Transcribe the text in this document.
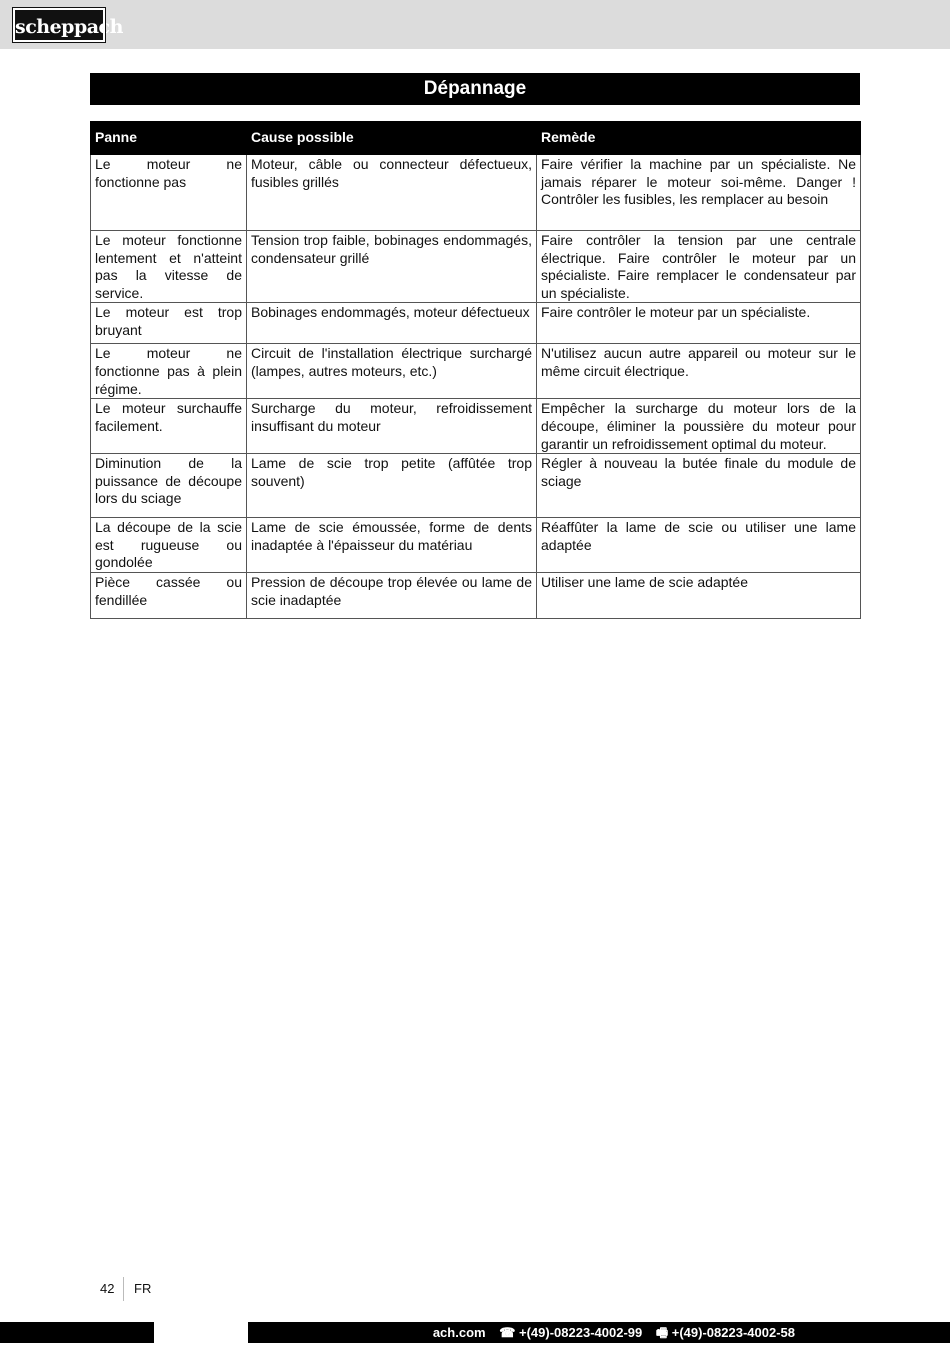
scheppach
Dépannage
Panne	Cause possible	Remède
Le moteur ne fonctionne pas	Moteur, câble ou connecteur défectueux, fusibles grillés	Faire vérifier la machine par un spécialiste. Ne jamais réparer le moteur soi-même. Danger ! Contrôler les fusibles, les remplacer au besoin
Le moteur fonctionne lentement et n'atteint pas la vitesse de service.	Tension trop faible, bobinages endommagés, condensateur grillé	Faire contrôler la tension par une centrale électrique. Faire contrôler le moteur par un spécialiste. Faire remplacer le condensateur par un spécialiste.
Le moteur est trop bruyant	Bobinages endommagés, moteur défectueux	Faire contrôler le moteur par un spécialiste.
Le moteur ne fonctionne pas à plein régime.	Circuit de l'installation électrique surchargé (lampes, autres moteurs, etc.)	N'utilisez aucun autre appareil ou moteur sur le même circuit électrique.
Le moteur surchauffe facilement.	Surcharge du moteur, refroidissement insuffisant du moteur	Empêcher la surcharge du moteur lors de la découpe, éliminer la poussière du moteur pour garantir un refroidissement optimal du moteur.
Diminution de la puissance de découpe lors du sciage	Lame de scie trop petite (affûtée trop souvent)	Régler à nouveau la butée finale du module de sciage
La découpe de la scie est rugueuse ou gondolée	Lame de scie émoussée, forme de dents inadaptée à l'épaisseur du matériau	Réaffûter la lame de scie ou utiliser une lame adaptée
Pièce cassée ou fendillée	Pression de découpe trop élevée ou lame de scie inadaptée	Utiliser une lame de scie adaptée
42 FR
ach.com ☎ +(49)-08223-4002-99 🖷 +(49)-08223-4002-58
